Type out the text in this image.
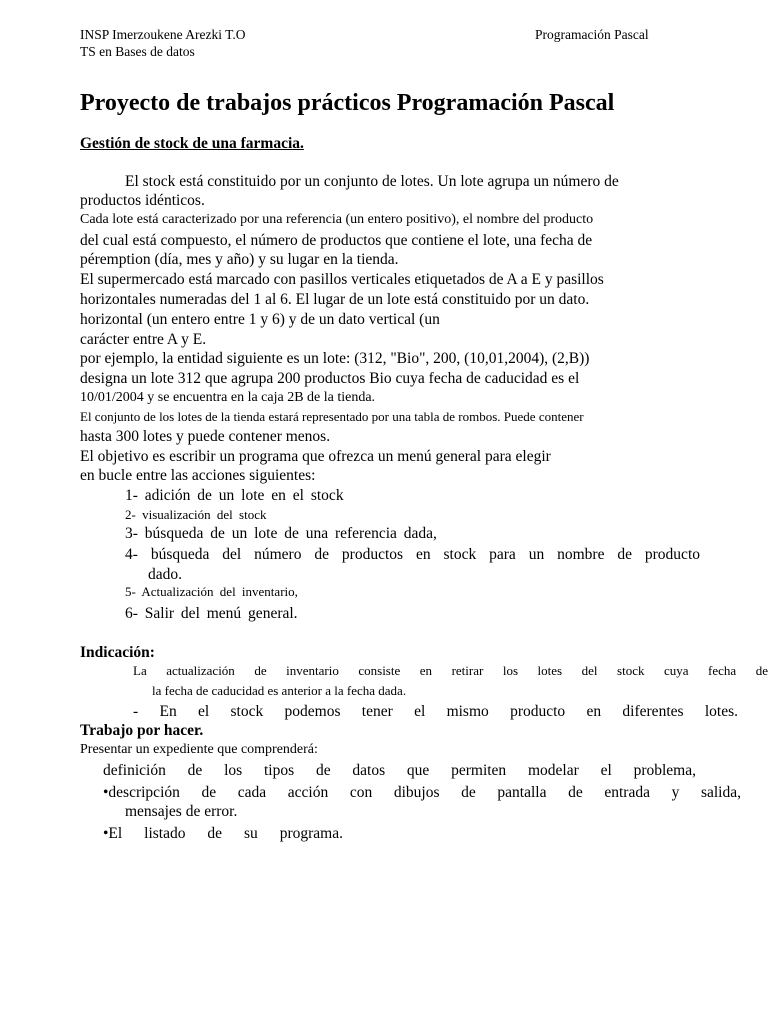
INSP Imerzoukene Arezki T.O	Programación Pascal
TS en Bases de datos
Proyecto de trabajos prácticos Programación Pascal
Gestión de stock de una farmacia.
El stock está constituido por un conjunto de lotes. Un lote agrupa un número de
productos idénticos.
Cada lote está caracterizado por una referencia (un entero positivo), el nombre del producto
del cual está compuesto, el número de productos que contiene el lote, una fecha de
péremption (día, mes y año) y su lugar en la tienda.
El supermercado está marcado con pasillos verticales etiquetados de A a E y pasillos
horizontales numeradas del 1 al 6. El lugar de un lote está constituido por un dato.
horizontal (un entero entre 1 y 6) y de un dato vertical (un
carácter entre A y E.
por ejemplo, la entidad siguiente es un lote: (312, "Bio", 200, (10,01,2004), (2,B))
designa un lote 312 que agrupa 200 productos Bio cuya fecha de caducidad es el
10/01/2004 y se encuentra en la caja 2B de la tienda.
El conjunto de los lotes de la tienda estará representado por una tabla de rombos. Puede contener
hasta 300 lotes y puede contener menos.
El objetivo es escribir un programa que ofrezca un menú general para elegir
en bucle entre las acciones siguientes:
1- adición de un lote en el stock
2- visualización del stock
3- búsqueda de un lote de una referencia dada,
4- búsqueda del número de productos en stock para un nombre de producto
dado.
5- Actualización del inventario,
6- Salir del menú general.
Indicación:
La actualización de inventario consiste en retirar los lotes del stock cuya fecha de
la fecha de caducidad es anterior a la fecha dada.
- En el stock podemos tener el mismo producto en diferentes lotes.
Trabajo por hacer.
Presentar un expediente que comprenderá:
definición de los tipos de datos que permiten modelar el problema,
•descripción de cada acción con dibujos de pantalla de entrada y salida,
mensajes de error.
•El listado de su programa.
